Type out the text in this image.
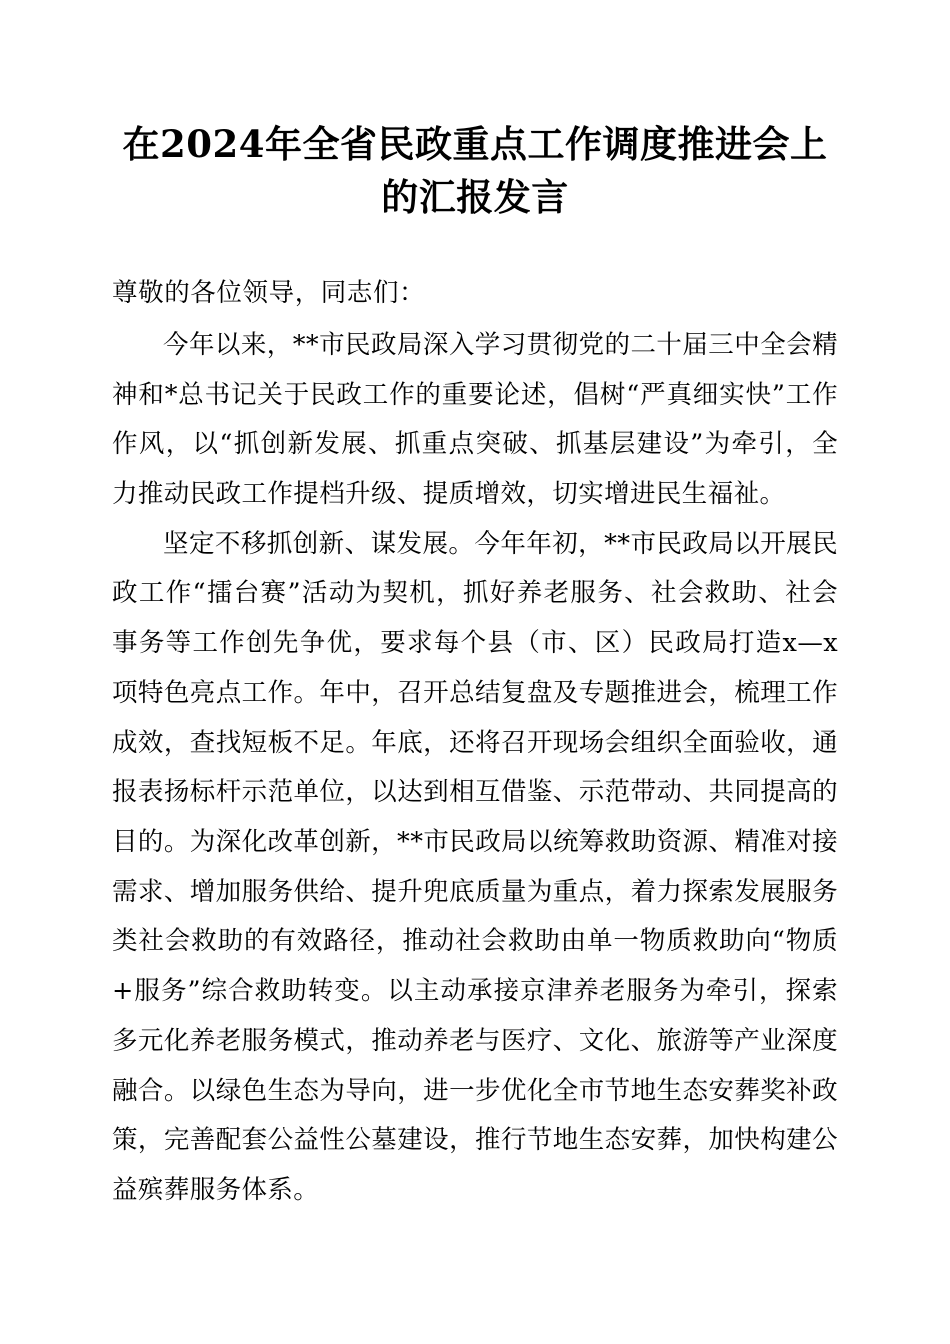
在2024年全省民政重点工作调度推进会上的汇报发言

尊敬的各位领导，同志们：

今年以来，**市民政局深入学习贯彻党的二十届三中全会精神和*总书记关于民政工作的重要论述，倡树“严真细实快”工作作风，以“抓创新发展、抓重点突破、抓基层建设”为牵引，全力推动民政工作提档升级、提质增效，切实增进民生福祉。

坚定不移抓创新、谋发展。今年年初，**市民政局以开展民政工作“擂台赛”活动为契机，抓好养老服务、社会救助、社会事务等工作创先争优，要求每个县（市、区）民政局打造x—x项特色亮点工作。年中，召开总结复盘及专题推进会，梳理工作成效，查找短板不足。年底，还将召开现场会组织全面验收，通报表扬标杆示范单位，以达到相互借鉴、示范带动、共同提高的目的。为深化改革创新，**市民政局以统筹救助资源、精准对接需求、增加服务供给、提升兜底质量为重点，着力探索发展服务类社会救助的有效路径，推动社会救助由单一物质救助向“物质+服务”综合救助转变。以主动承接京津养老服务为牵引，探索多元化养老服务模式，推动养老与医疗、文化、旅游等产业深度融合。以绿色生态为导向，进一步优化全市节地生态安葬奖补政策，完善配套公益性公墓建设，推行节地生态安葬，加快构建公益殡葬服务体系。
